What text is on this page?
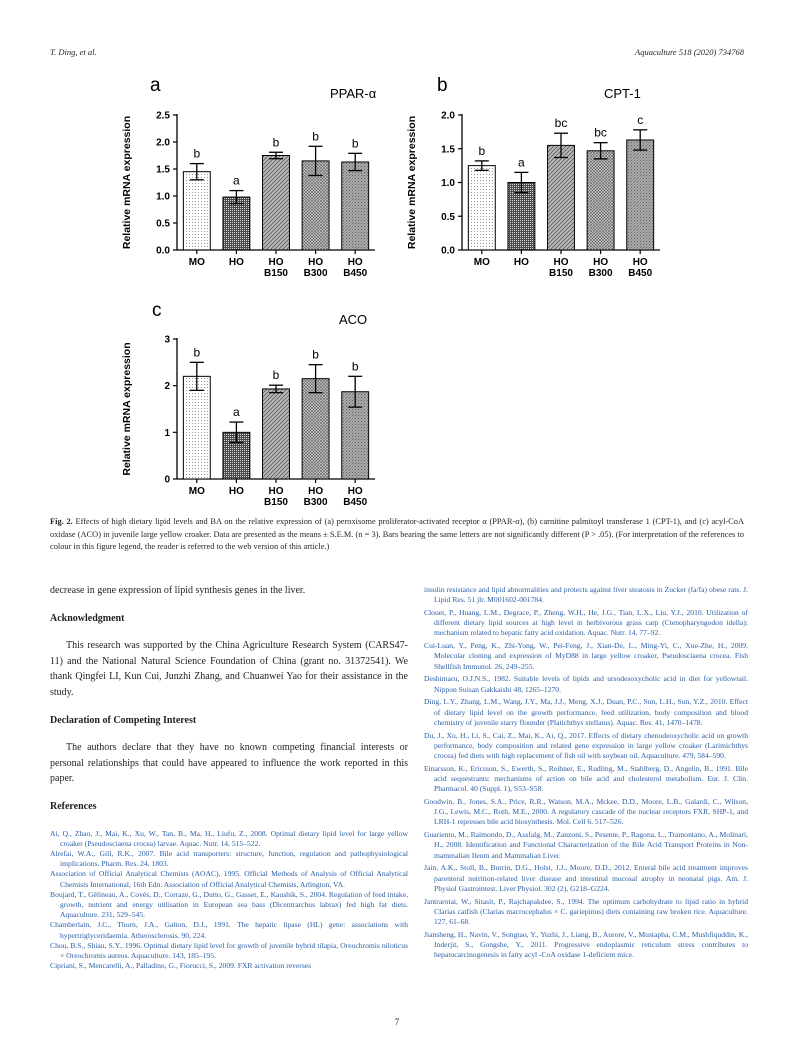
T. Ding, et al.	Aquaculture 518 (2020) 734768
a	PPAR-α
Relative mRNA expression
0.0
0.5
1.0
1.5
2.0
2.5
b
MO
a
HO
b
HO
B150
b
HO
B300
b
HO
B450
b	CPT-1
Relative mRNA expression
0.0
0.5
1.0
1.5
2.0
b
MO
a
HO
bc
HO
B150
bc
HO
B300
c
HO
B450
c	ACO
Relative mRNA expression
0
1
2
3
b
MO
a
HO
b
HO
B150
b
HO
B300
b
HO
B450
Fig. 2. Effects of high dietary lipid levels and BA on the relative expression of (a) peroxisome proliferator-activated receptor α (PPAR-α), (b) carnitine palmitoyl transferase 1 (CPT-1), and (c) acyl-CoA oxidase (ACO) in juvenile large yellow croaker. Data are presented as the means ± S.E.M. (n = 3). Bars bearing the same letters are not significantly different (P > .05). (For interpretation of the references to colour in this figure legend, the reader is referred to the web version of this article.)

decrease in gene expression of lipid synthesis genes in the liver.

Acknowledgment

This research was supported by the China Agriculture Research System (CARS47-11) and the National Natural Science Foundation of China (grant no. 31372541). We thank Qingfei LI, Kun Cui, Junzhi Zhang, and Chuanwei Yao for their assistance in the study.

Declaration of Competing Interest

The authors declare that they have no known competing financial interests or personal relationships that could have appeared to influence the work reported in this paper.

References

Ai, Q., Zhao, J., Mai, K., Xu, W., Tan, B., Ma, H., Liufu, Z., 2008. Optimal dietary lipid level for large yellow croaker (Pseudosciaena crocea) larvae. Aquac. Nutr. 14, 515–522.

Alrefai, W.A., Gill, R.K., 2007. Bile acid transporters: structure, function, regulation and pathophysiological implications. Pharm. Res. 24, 1803.

Association of Official Analytical Chemists (AOAC), 1995. Official Methods of Analysis of Official Analytical Chemists International, 16th Edn. Association of Official Analytical Chemists, Arlington, VA.

Boujard, T., Gélineau, A., Covès, D., Corraze, G., Dutto, G., Gasset, E., Kaushik, S., 2004. Regulation of feed intake, growth, nutrient and energy utilisation in European sea bass (Dicentrarchus labrax) fed high fat diets. Aquaculture. 231, 529–545.

Chamberlain, J.C., Thorn, J.A., Galton, D.J., 1991. The hepatic lipase (HL) gene: associations with hypertriglyceridaemia. Atherosclerosis. 90, 224.

Chou, B.S., Shiau, S.Y., 1996. Optimal dietary lipid level for growth of juvenile hybrid tilapia, Oreochromis niloticus × Oreochromis aureus. Aquaculture. 143, 185–195.

Cipriani, S., Mencarelli, A., Palladino, G., Fiorucci, S., 2009. FXR activation reverses

insulin resistance and lipid abnormalities and protects against liver steatosis in Zucker (fa/fa) obese rats. J. Lipid Res. 51 jlr. M001602-001784.

Clouet, P., Huang, L.M., Degrace, P., Zheng, W.H., He, J.G., Tian, L.X., Liu, Y.J., 2010. Utilization of different dietary lipid sources at high level in herbivorous grass carp (Ctenopharyngodon idella): mechanism related to hepatic fatty acid oxidation. Aquac. Nutr. 14, 77–92.

Cui-Luan, Y., Peng, K., Zhi-Yong, W., Pei-Feng, J., Xian-De, L., Ming-Yi, C., Xue-Zhe, H., 2009. Molecular cloning and expression of MyD88 in large yellow croaker, Pseudosciaena crocea. Fish Shellfish Immunol. 26, 249–255.

Deshimaru, O.J.N.S., 1982. Suitable levels of lipids and ursodesoxycholic acid in diet for yellowtail. Nippon Suisan Gakkaishi 48, 1265–1270.

Ding, L.Y., Zhang, L.M., Wang, J.Y., Ma, J.J., Meng, X.J., Duan, P.C., Sun, L.H., Sun, Y.Z., 2010. Effect of dietary lipid level on the growth performance, feed utilization, body composition and blood chemistry of juvenile starry flounder (Platichthys stellatus). Aquac. Res. 41, 1470–1478.

Du, J., Xu, H., Li, S., Cai, Z., Mai, K., Ai, Q., 2017. Effects of dietary chenodeoxycholic acid on growth performance, body composition and related gene expression in large yellow croaker (Larimichthys crocea) fed diets with high replacement of fish oil with soybean oil. Aquaculture. 479, 584–590.

Einarsson, K., Ericsson, S., Ewerth, S., Reihner, E., Rudling, M., Stahlberg, D., Angelin, B., 1991. Bile acid sequestrants: mechanisms of action on bile acid and cholesterol metabolism. Eur. J. Clin. Pharmacol. 40 (Suppl. 1), S53–S58.

Goodwin, B., Jones, S.A., Price, R.R., Watson, M.A., Mckee, D.D., Moore, L.B., Galardi, C., Wilson, J.G., Lewis, M.C., Roth, M.E., 2000. A regulatory cascade of the nuclear receptors FXR, SHP-1, and LRH-1 represses bile acid biosynthesis. Mol. Cell 6, 517–526.

Guariento, M., Raimondo, D., Assfalg, M., Zanzoni, S., Pesente, P., Ragona, L., Tramontano, A., Molinari, H., 2008. Identification and Functional Characterization of the Bile Acid Transport Proteins in Non-mammalian Ileum and Mammalian Liver.

Jain, A.K., Stoll, B., Burrin, D.G., Holst, J.J., Moore, D.D., 2012. Enteral bile acid treatment improves parenteral nutrition-related liver disease and intestinal mucosal atrophy in neonatal pigs. Am. J. Physiol Gastrointest. Liver Physiol. 302 (2), G218–G224.

Jantrarotai, W., Sitasit, P., Rajchapakdee, S., 1994. The optimum carbohydrate to lipid ratio in hybrid Clarias catfish (Clarias macrocephalus × C. gariepinus) diets containing raw broken rice. Aquaculture. 127, 61–68.

Jiansheng, H., Navin, V., Songtao, Y., Yuzhi, J., Liang, B., Aurore, V., Mustapha, C.M., Mushfiquddin, K., Inderjit, S., Gongshe, Y., 2011. Progressive endoplasmic reticulum stress contributes to hepatocarcinogenesis in fatty acyl -CoA oxidase 1-deficient mice.

7
